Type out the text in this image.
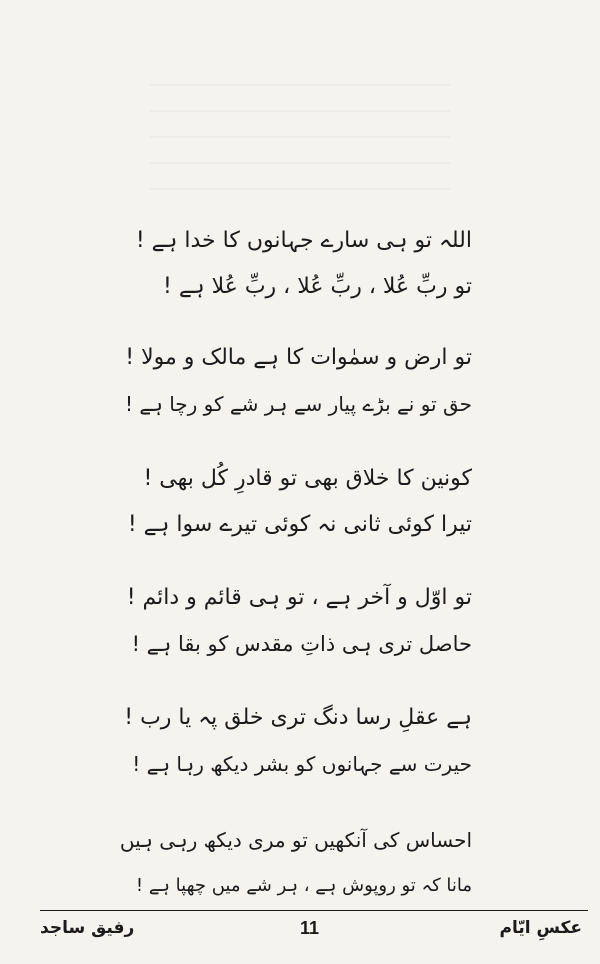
اللہ تو ہی سارے جہانوں کا خدا ہے !
تو ربِّ عُلا ، ربِّ عُلا ، ربِّ عُلا ہے !
تو ارض و سمٰوات کا ہے مالک و مولا !
حق تو نے بڑے پیار سے ہر شے کو رچا ہے !
کونین کا خلاق بھی تو قادرِ کُل بھی !
تیرا کوئی ثانی نہ کوئی تیرے سوا ہے !
تو اوّل و آخر ہے ، تو ہی قائم و دائم !
حاصل تری ہی ذاتِ مقدس کو بقا ہے !
ہے عقلِ رسا دنگ تری خلق پہ یا رب !
حیرت سے جہانوں کو بشر دیکھ رہا ہے !
احساس کی آنکھیں تو مری دیکھ رہی ہیں
مانا کہ تو روپوش ہے ، ہر شے میں چھپا ہے !
رفیق ساجد	11	عکسِ ایّام
